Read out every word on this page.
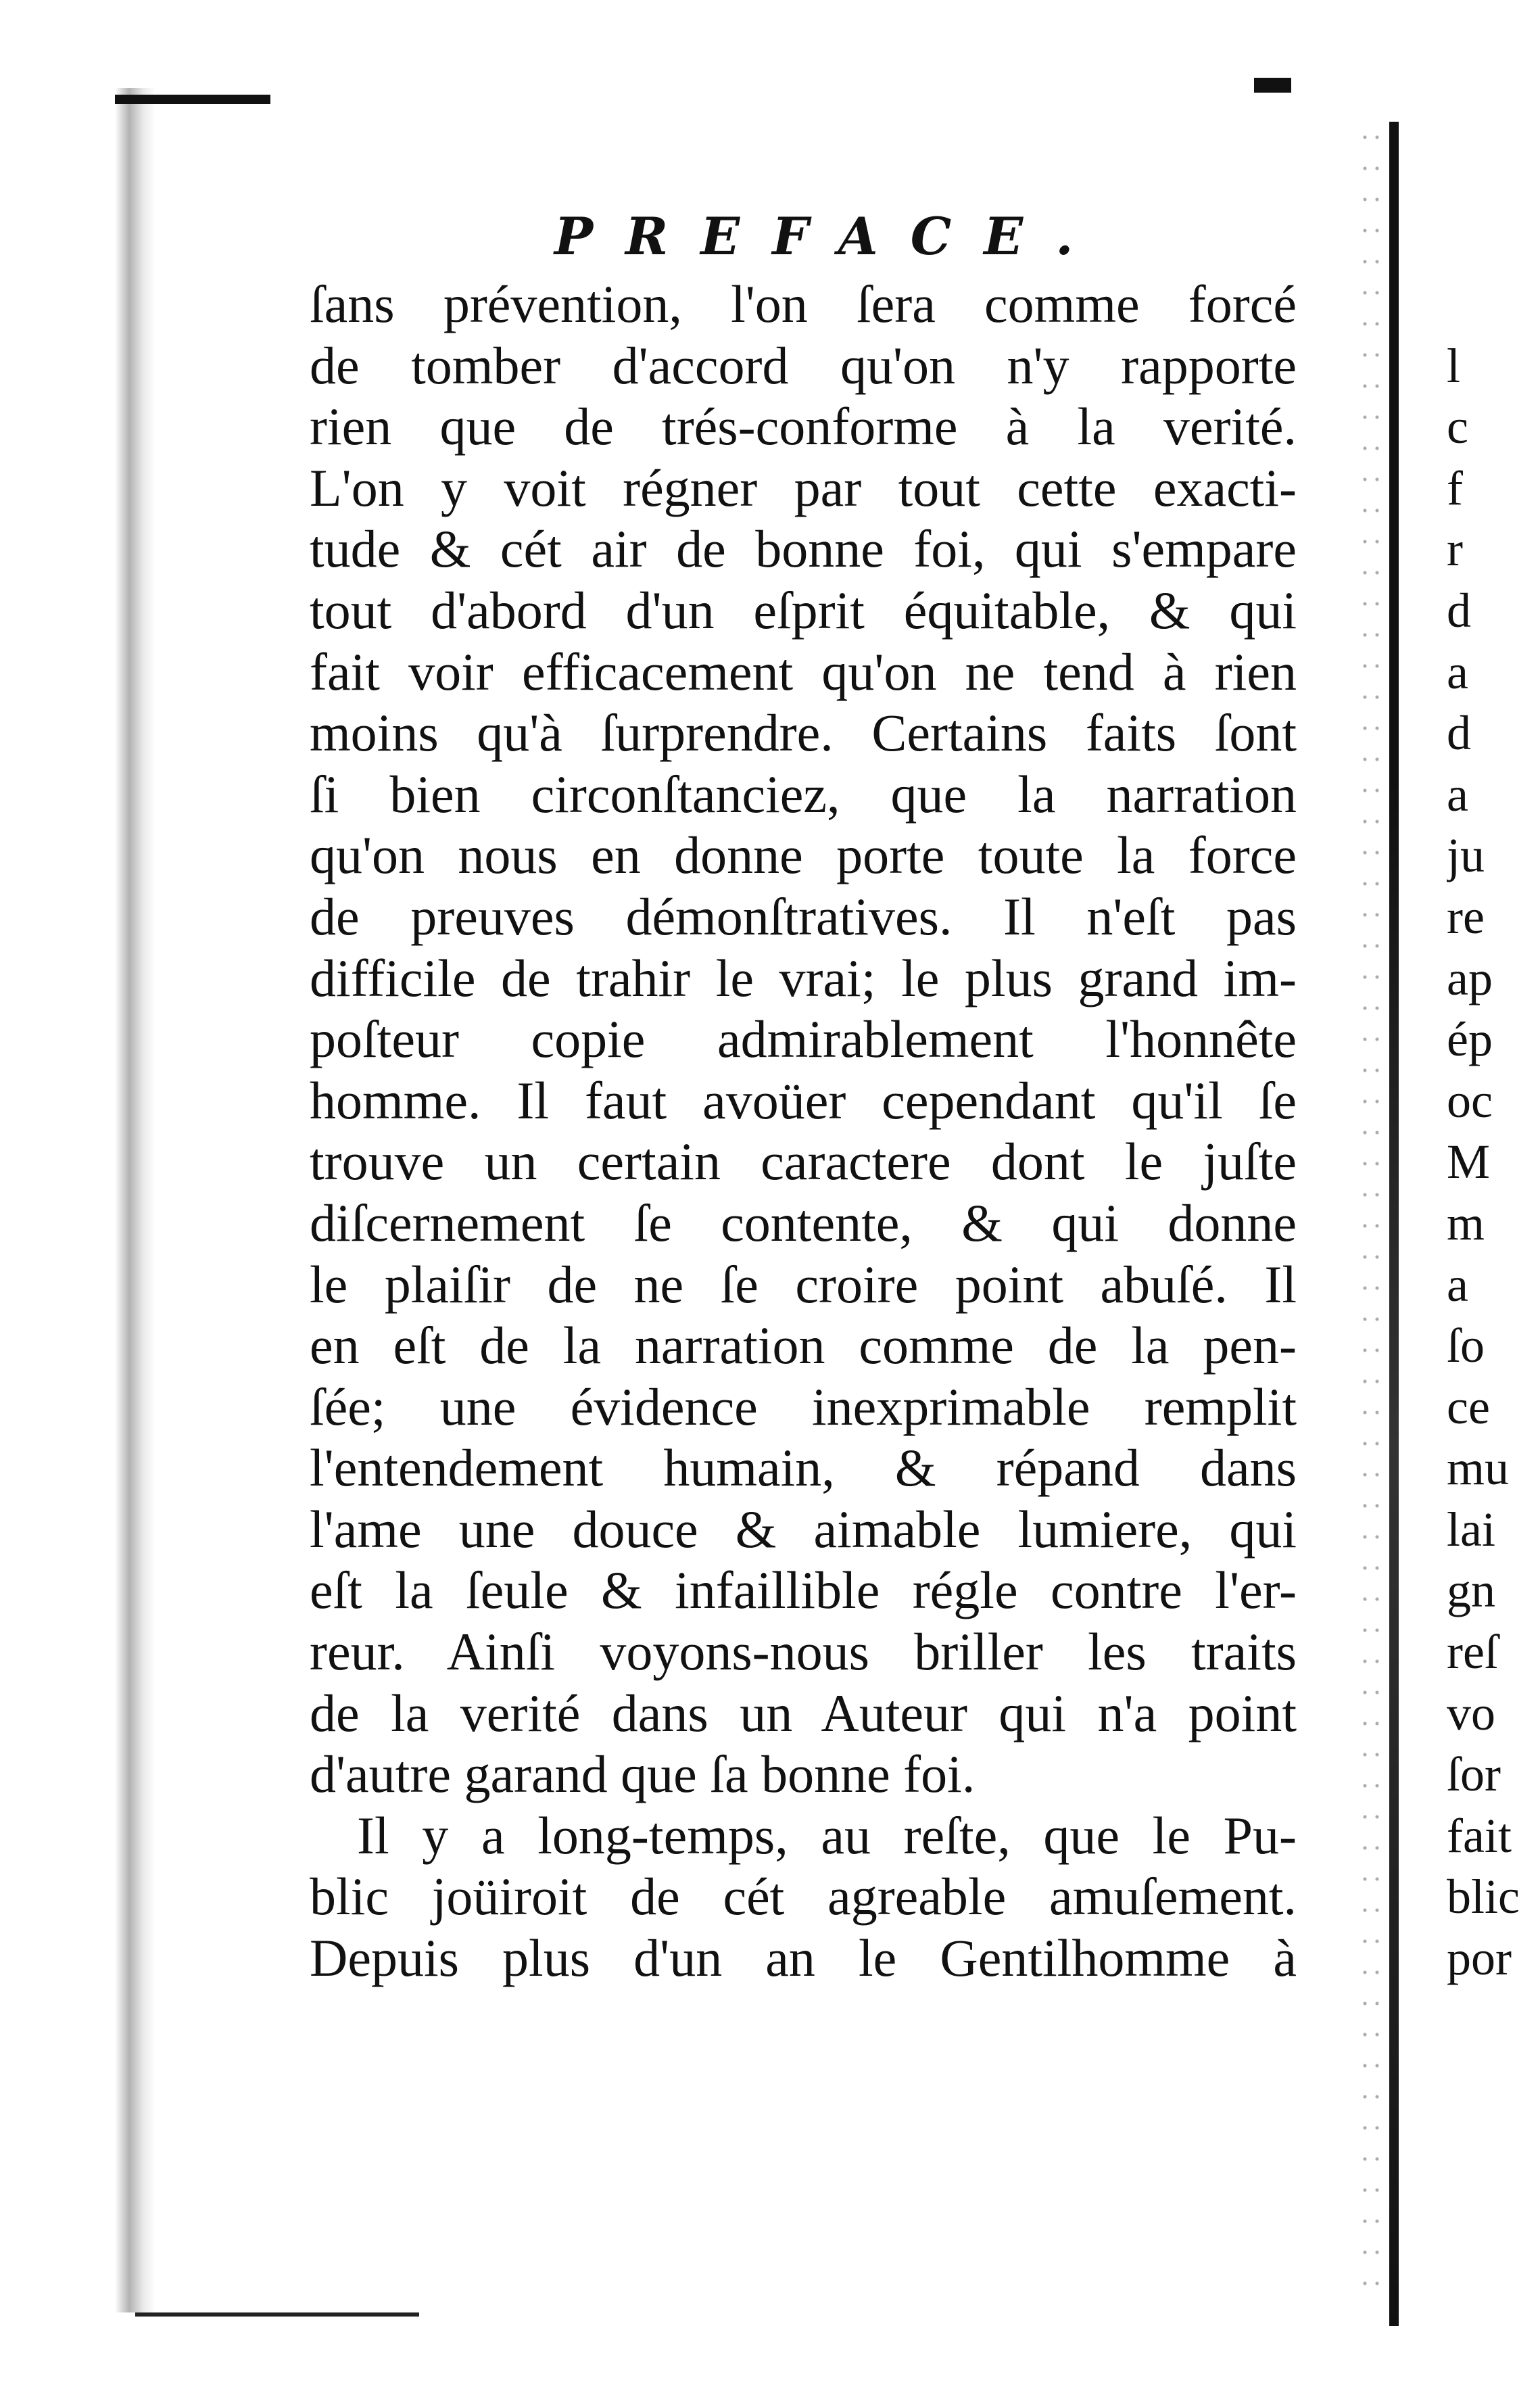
PREFACE.
ſans prévention, l'on ſera comme forcé
de tomber d'accord qu'on n'y rapporte
rien que de trés-conforme à la verité.
L'on y voit régner par tout cette exacti-
tude & cét air de bonne foi, qui s'empare
tout d'abord d'un eſprit équitable, & qui
fait voir efficacement qu'on ne tend à rien
moins qu'à ſurprendre. Certains faits ſont
ſi bien circonſtanciez, que la narration
qu'on nous en donne porte toute la force
de preuves démonſtratives. Il n'eſt pas
difficile de trahir le vrai; le plus grand im-
poſteur copie admirablement l'honnête
homme. Il faut avoüer cependant qu'il ſe
trouve un certain caractere dont le juſte
diſcernement ſe contente, & qui donne
le plaiſir de ne ſe croire point abuſé. Il
en eſt de la narration comme de la pen-
ſée; une évidence inexprimable remplit
l'entendement humain, & répand dans
l'ame une douce & aimable lumiere, qui
eſt la ſeule & infaillible régle contre l'er-
reur. Ainſi voyons-nous briller les traits
de la verité dans un Auteur qui n'a point
d'autre garand que ſa bonne foi.
Il y a long-temps, au reſte, que le Pu-
blic joüiroit de cét agreable amuſement.
Depuis plus d'un an le Gentilhomme à
l
c
f
r
d
a
d
a
ju
re
ap
ép
oc
M
m
a
ſo
ce
mu
lai
gn
reſ
vo
ſor
fait
blic
por
